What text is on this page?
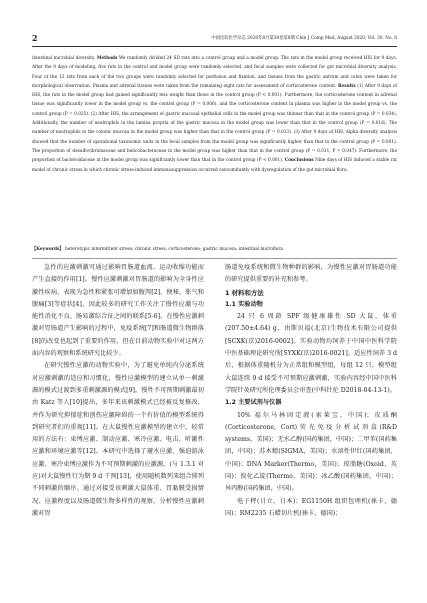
2	中国比较医学杂志 2020年8月第30卷第8期 Chin J Comp Med, August 2020, Vol. 30, No. 8

intestinal microbial diversity. Methods We randomly divided 24 SD rats into a control group and a model group. The rats in the model group received HIS for 9 days. After the 9 days of modeling, five rats in the control and model group were randomly selected, and fecal samples were collected for gut microbial diversity analysis. Four of the 12 rats from each of the two groups were randomly selected for perfusion and fixation, and tissues from the gastric antrum and colon were taken for morphological observation. Plasma and adrenal tissues were taken from the remaining eight rats for assessment of corticosterone content. Results (1) After 9 days of HIS, the rats in the model group had gained significantly less weight than those in the control group (P < 0.001). Furthermore, the corticosterone content in adrenal tissue was significantly lower in the model group vs. the control group (P = 0.006), and the corticosterone content in plasma was higher in the model group vs. the control group (P = 0.025). (2) After HIS, the arrangement of gastric mucosal epithelial cells in the model group was thinner than that in the control group (P = 0.034). Additionally, the number of neutrophils in the lamina propria of the gastric mucosa in the model group was lower than that in the control group (P = 0.016). The number of neutrophils in the colonic mucosa in the model group was higher than that in the control group (P = 0.013). (3) After 9 days of HIS, Alpha diversity analysis showed that the number of operational taxonomic units in the fecal samples from the model group was significantly higher than that in the control group (P = 0.001). The proportion of desulfovibrionaceae and helicobacteraceae in the model group was higher than that in the control group (P = 0.011, P = 0.047). Furthermore, the proportion of bacteroidaceae in the model group was significantly lower than that in the control group (P < 0.001). Conclusions Nine days of HIS induced a stable rat model of chronic stress in which chronic stress-induced immunosuppression occurred concomitantly with dysregulation of the gut microbial flora.

【Keywords】 heterotypic intermittent stress; chronic stress; corticosterone; gastric mucosa; intestinal microflora

急性的应激刺激可通过影响胃肠道血流、运动收缩功能而产生直接的作用[1]。慢性应激刺激对胃肠道的影响为全身性应激性疾病，表现为急性和紧张可增加如腹泻[2]、便秘、胀气和腹痛[3]等症状[4]，因此较多的研究工作关注了慢性应激与功能性消化不良、肠易激综合征之间的联系[5-6]。在慢性应激刺激对胃肠道产生影响的过程中，免疫系统[7]和肠道微生物群落[8]的改变也起到了重要的作用，但在目前动物实验中对这两方面内容的观察和系统研究比较少。

在研究慢性应激的动物实验中，为了避免单纯内分泌系统对应激刺激的适应和习惯化，慢性应激模型的建立从单一刺激源的模式过渡到多重刺激源的模式[9]。慢性不可预期刺激最初由 Katz 等人[10]提出，多年来该刺激模式已经被反复修改，并作为研究抑郁症和创伤应激障碍的一个有价值的模型系统得到研究者们的重视[11]。在大鼠慢性应激模型的建立中，较常用的方法有：束缚应激、制动应激、寒冷应激、电击、听激性应激和环境应激等[12]。本研究中选择了避水应激、强迫游泳应激、寒冷束缚应激作为不可预期刺激的应激源，(与 1.3.1 对应)对大鼠慢性行为期 9 d 干预[13]，使用随机数列来组合排列不同刺激的顺序。通过对接受该刺激大鼠体重、胃黏膜受损情况、应激程度以及肠道微生物多样性的观察，分析慢性应激刺激对胃

肠道免疫系统和微生物种群的影响，为慢性应激对胃肠道功能的研究提供重要的补充和参考。

1 材料和方法

1.1 实验动物

24 只 6 周龄 SPF 级健康雄性 SD 大鼠，体重(207.50±4.64) g，由斯贝福(北京)生物技术有限公司提供[SCXK(京)2016-0002]。实验动物均饲养于中国中医科学院中医基础理论研究所[SYXK(京)2016-0021]。适应性饲养 3 d 后，根据体重随机分为正常组和模型组，每组 12 只。模型组大鼠连续 9 d 接受不可预期应激刺激，实验内容经中国中医科学院针灸研究所伦理委员会审查(中科针伦 D2018-04-13-1)。

1.2 主要试剂与仪器

10% 福尔马林固定液(索莱宝，中国)；皮质酮(Corticosterone, Cort)荧光免疫分析试剂盒(R&D systems，美国)；无水乙醇(国药集团，中国)；二甲苯(国药集团，中国)；苏木精(SIGMA，美国)；水溶性伊红(国药集团，中国)；DNA Marker(Thermo，美国)；琼脂糖(Oxoid，英国)；溴化乙锭(Thermo，美国)；冰乙酸(国药集团，中国)；异丙醇(国药集团，中国)。

电子秤(日立，日本)；EG1150H 组织包埋机(徕卡，德国)；RM2235 石蜡切片机(徕卡，德国)；
